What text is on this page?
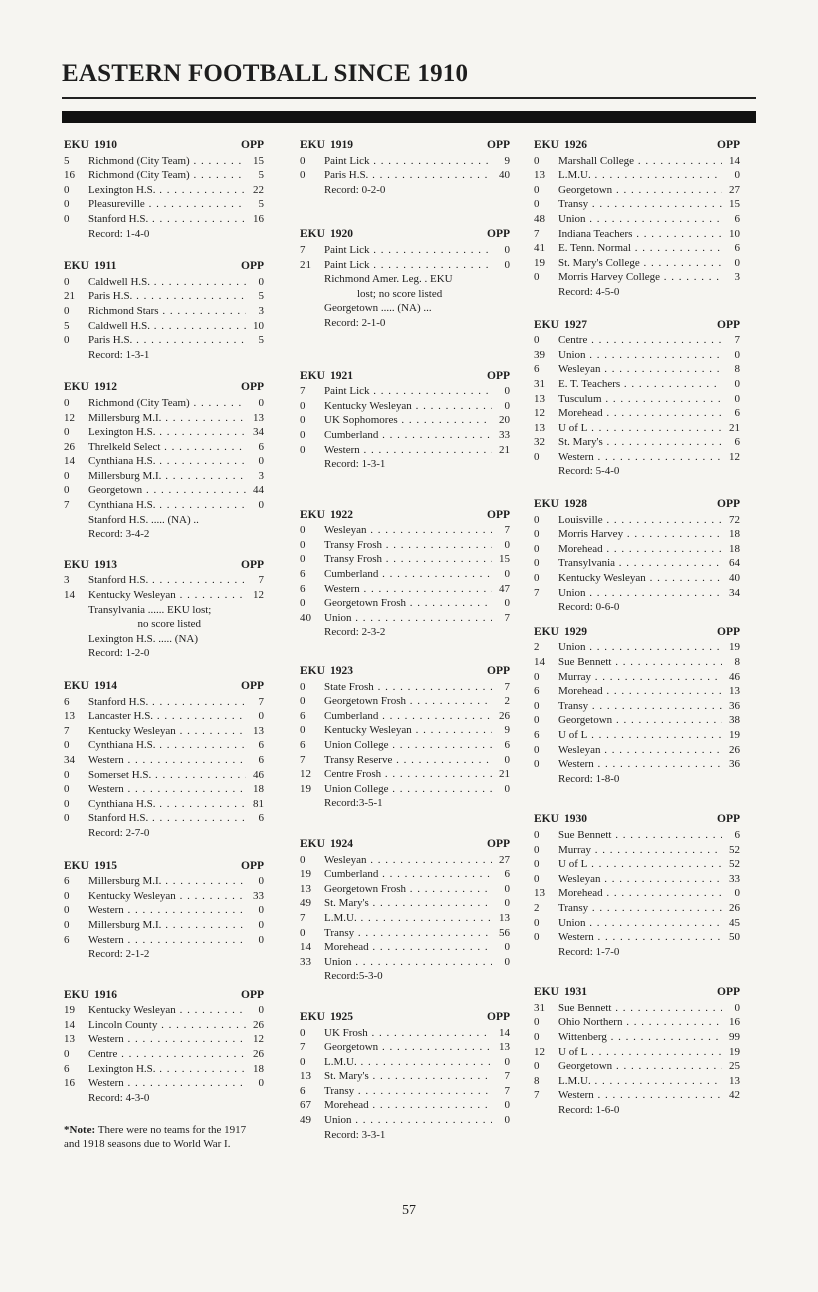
EASTERN FOOTBALL SINCE 1910
EKU 1910	OPP
5	Richmond (City Team) . . .	15
16	Richmond (City Team) . . .	5
0	Lexington H.S. . . .	22
0	Pleasureville . . .	5
0	Stanford H.S. . . .	16
Record: 1-4-0
EKU 1911	OPP
0	Caldwell H.S. . . .	0
21	Paris H.S. . . .	5
0	Richmond Stars . . .	3
5	Caldwell H.S. . . .	10
0	Paris H.S. . . .	5
Record: 1-3-1
EKU 1912	OPP
0	Richmond (City Team) . . .	0
12	Millersburg M.I. . . .	13
0	Lexington H.S. . . .	34
26	Threlkeld Select . . .	6
14	Cynthiana H.S. . . .	0
0	Millersburg M.I. . . .	3
0	Georgetown . . .	44
7	Cynthiana H.S. . . .	0
Stanford H.S. ..... (NA) ..
Record: 3-4-2
EKU 1913	OPP
3	Stanford H.S. . . .	7
14	Kentucky Wesleyan . . .	12
Transylvania ...... EKU lost;
no score listed
Lexington H.S. ..... (NA)
Record: 1-2-0
EKU 1914	OPP
6	Stanford H.S. . . .	7
13	Lancaster H.S. . . .	0
7	Kentucky Wesleyan . . .	13
0	Cynthiana H.S. . . .	6
34	Western . . .	6
0	Somerset H.S. . . .	46
0	Western . . .	18
0	Cynthiana H.S. . . .	81
0	Stanford H.S. . . .	6
Record: 2-7-0
EKU 1915	OPP
6	Millersburg M.I. . . .	0
0	Kentucky Wesleyan . . .	33
0	Western . . .	0
0	Millersburg M.I. . . .	0
6	Western . . .	0
Record: 2-1-2
EKU 1916	OPP
19	Kentucky Wesleyan . . .	0
14	Lincoln County . . .	26
13	Western . . .	12
0	Centre . . .	26
6	Lexington H.S. . . .	18
16	Western . . .	0
Record: 4-3-0
*Note: There were no teams for the 1917 and 1918 seasons due to World War I.
EKU 1919	OPP
0	Paint Lick . . .	9
0	Paris H.S. . . .	40
Record: 0-2-0
EKU 1920	OPP
7	Paint Lick . . .	0
21	Paint Lick . . .	0
Richmond Amer. Leg. . EKU
lost; no score listed
Georgetown ..... (NA) ...
Record: 2-1-0
EKU 1921	OPP
7	Paint Lick . . .	0
0	Kentucky Wesleyan . . .	0
0	UK Sophomores . . .	20
0	Cumberland . . .	33
0	Western . . .	21
Record: 1-3-1
EKU 1922	OPP
0	Wesleyan . . .	7
0	Transy Frosh . . .	0
0	Transy Frosh . . .	15
6	Cumberland . . .	0
6	Western . . .	47
0	Georgetown Frosh . . .	0
40	Union . . .	7
Record: 2-3-2
EKU 1923	OPP
0	State Frosh . . .	7
0	Georgetown Frosh . . .	2
6	Cumberland . . .	26
0	Kentucky Wesleyan . . .	9
6	Union College . . .	6
7	Transy Reserve . . .	0
12	Centre Frosh . . .	21
19	Union College . . .	0
Record:3-5-1
EKU 1924	OPP
0	Wesleyan . . .	27
19	Cumberland . . .	6
13	Georgetown Frosh . . .	0
49	St. Mary's . . .	0
7	L.M.U. . . .	13
0	Transy . . .	56
14	Morehead . . .	0
33	Union . . .	0
Record:5-3-0
EKU 1925	OPP
0	UK Frosh . . .	14
7	Georgetown . . .	13
0	L.M.U. . . .	0
13	St. Mary's . . .	7
6	Transy . . .	7
67	Morehead . . .	0
49	Union . . .	0
Record: 3-3-1
EKU 1926	OPP
0	Marshall College . . .	14
13	L.M.U. . . .	0
0	Georgetown . . .	27
0	Transy . . .	15
48	Union . . .	6
7	Indiana Teachers . . .	10
41	E. Tenn. Normal . . .	6
19	St. Mary's College . . .	0
0	Morris Harvey College . . .	3
Record: 4-5-0
EKU 1927	OPP
0	Centre . . .	7
39	Union . . .	0
6	Wesleyan . . .	8
31	E. T. Teachers . . .	0
13	Tusculum . . .	0
12	Morehead . . .	6
13	U of L . . .	21
32	St. Mary's . . .	6
0	Western . . .	12
Record: 5-4-0
EKU 1928	OPP
0	Louisville . . .	72
0	Morris Harvey . . .	18
0	Morehead . . .	18
0	Transylvania . . .	64
0	Kentucky Wesleyan . . .	40
7	Union . . .	34
Record: 0-6-0
EKU 1929	OPP
2	Union . . .	19
14	Sue Bennett . . .	8
0	Murray . . .	46
6	Morehead . . .	13
0	Transy . . .	36
0	Georgetown . . .	38
6	U of L . . .	19
0	Wesleyan . . .	26
0	Western . . .	36
Record: 1-8-0
EKU 1930	OPP
0	Sue Bennett . . .	6
0	Murray . . .	52
0	U of L . . .	52
0	Wesleyan . . .	33
13	Morehead . . .	0
2	Transy . . .	26
0	Union . . .	45
0	Western . . .	50
Record: 1-7-0
EKU 1931	OPP
31	Sue Bennett . . .	0
0	Ohio Northern . . .	16
0	Wittenberg . . .	99
12	U of L . . .	19
0	Georgetown . . .	25
8	L.M.U. . . .	13
7	Western . . .	42
Record: 1-6-0
57
